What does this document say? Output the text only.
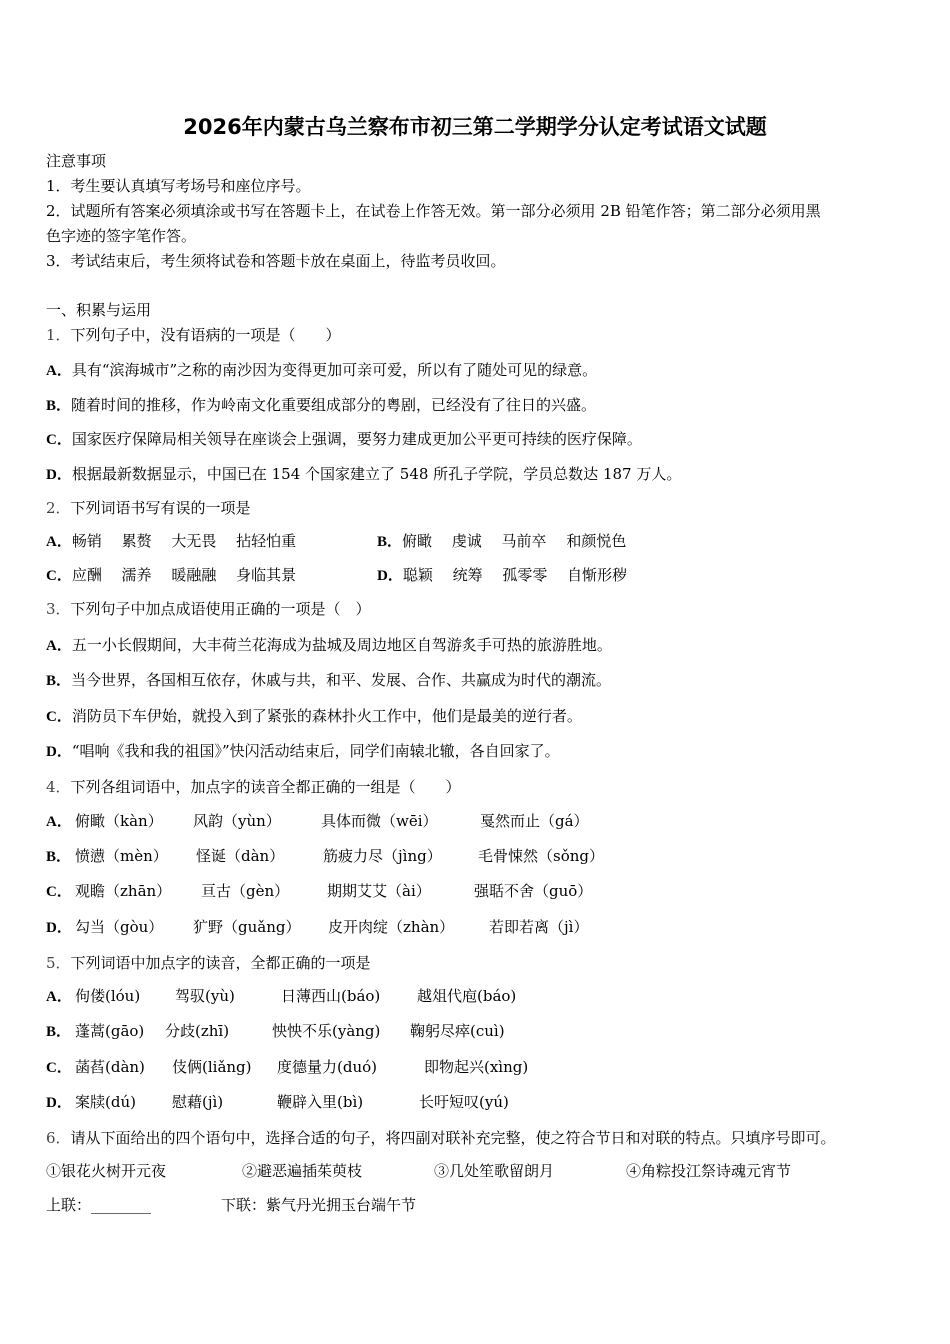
2026年内蒙古乌兰察布市初三第二学期学分认定考试语文试题
注意事项
1．考生要认真填写考场号和座位序号。
2．试题所有答案必须填涂或书写在答题卡上，在试卷上作答无效。第一部分必须用 2B 铅笔作答；第二部分必须用黑
色字迹的签字笔作答。
3．考试结束后，考生须将试卷和答题卡放在桌面上，待监考员收回。
一、积累与运用
1．下列句子中，没有语病的一项是（　　）
A．具有“滨海城市”之称的南沙因为变得更加可亲可爱，所以有了随处可见的绿意。
B．随着时间的推移，作为岭南文化重要组成部分的粤剧，已经没有了往日的兴盛。
C．国家医疗保障局相关领导在座谈会上强调，要努力建成更加公平更可持续的医疗保障。
D．根据最新数据显示，中国已在 154 个国家建立了 548 所孔子学院，学员总数达 187 万人。
2．下列词语书写有误的一项是
A．畅销　 累赘　 大无畏　 拈轻怕重	B．俯瞰　 虔诚　 马前卒　 和颜悦色
C．应酬　 濡养　 暖融融　 身临其景	D．聪颖　 统筹　 孤零零　 自惭形秽
3．下列句子中加点成语使用正确的一项是（　）
A．五一小长假期间，大丰荷兰花海成为盐城及周边地区自驾游炙手可热的旅游胜地。
B．当今世界，各国相互依存，休戚与共，和平、发展、合作、共赢成为时代的潮流。
C．消防员下车伊始，就投入到了紧张的森林扑火工作中，他们是最美的逆行者。
D．“唱响《我和我的祖国》”快闪活动结束后，同学们南辕北辙，各自回家了。
4．下列各组词语中，加点字的读音全都正确的一组是（　　）
A． 俯瞰（kàn） 风韵（yùn）	具体而微（wēi）	戛然而止（gá）
B． 愤懑（mèn） 怪诞（dàn）	筋疲力尽（jìng） 毛骨悚然（sǒng）
C． 观瞻（zhān） 亘古（gèn）	期期艾艾（ài）	强聒不舍（guō）
D． 勾当（gòu） 犷野（guǎng） 皮开肉绽（zhàn） 若即若离（jì）
5．下列词语中加点字的读音，全都正确的一项是
A． 佝偻(lóu) 驾驭(yù)	日薄西山(báo) 越俎代庖(báo)
B． 蓬蒿(gāo) 分歧(zhī)	怏怏不乐(yàng) 鞠躬尽瘁(cuì)
C． 菡萏(dàn) 伎俩(liǎng) 度德量力(duó)	即物起兴(xìng)
D． 案牍(dú) 慰藉(jì)	鞭辟入里(bì)	长吁短叹(yú)
6．请从下面给出的四个语句中，选择合适的句子，将四副对联补充完整，使之符合节日和对联的特点。只填序号即可。
①银花火树开元夜	②避恶遍插茱萸枝	③几处笙歌留朗月	④角粽投江祭诗魂元宵节
上联：________	下联：紫气丹光拥玉台端午节
